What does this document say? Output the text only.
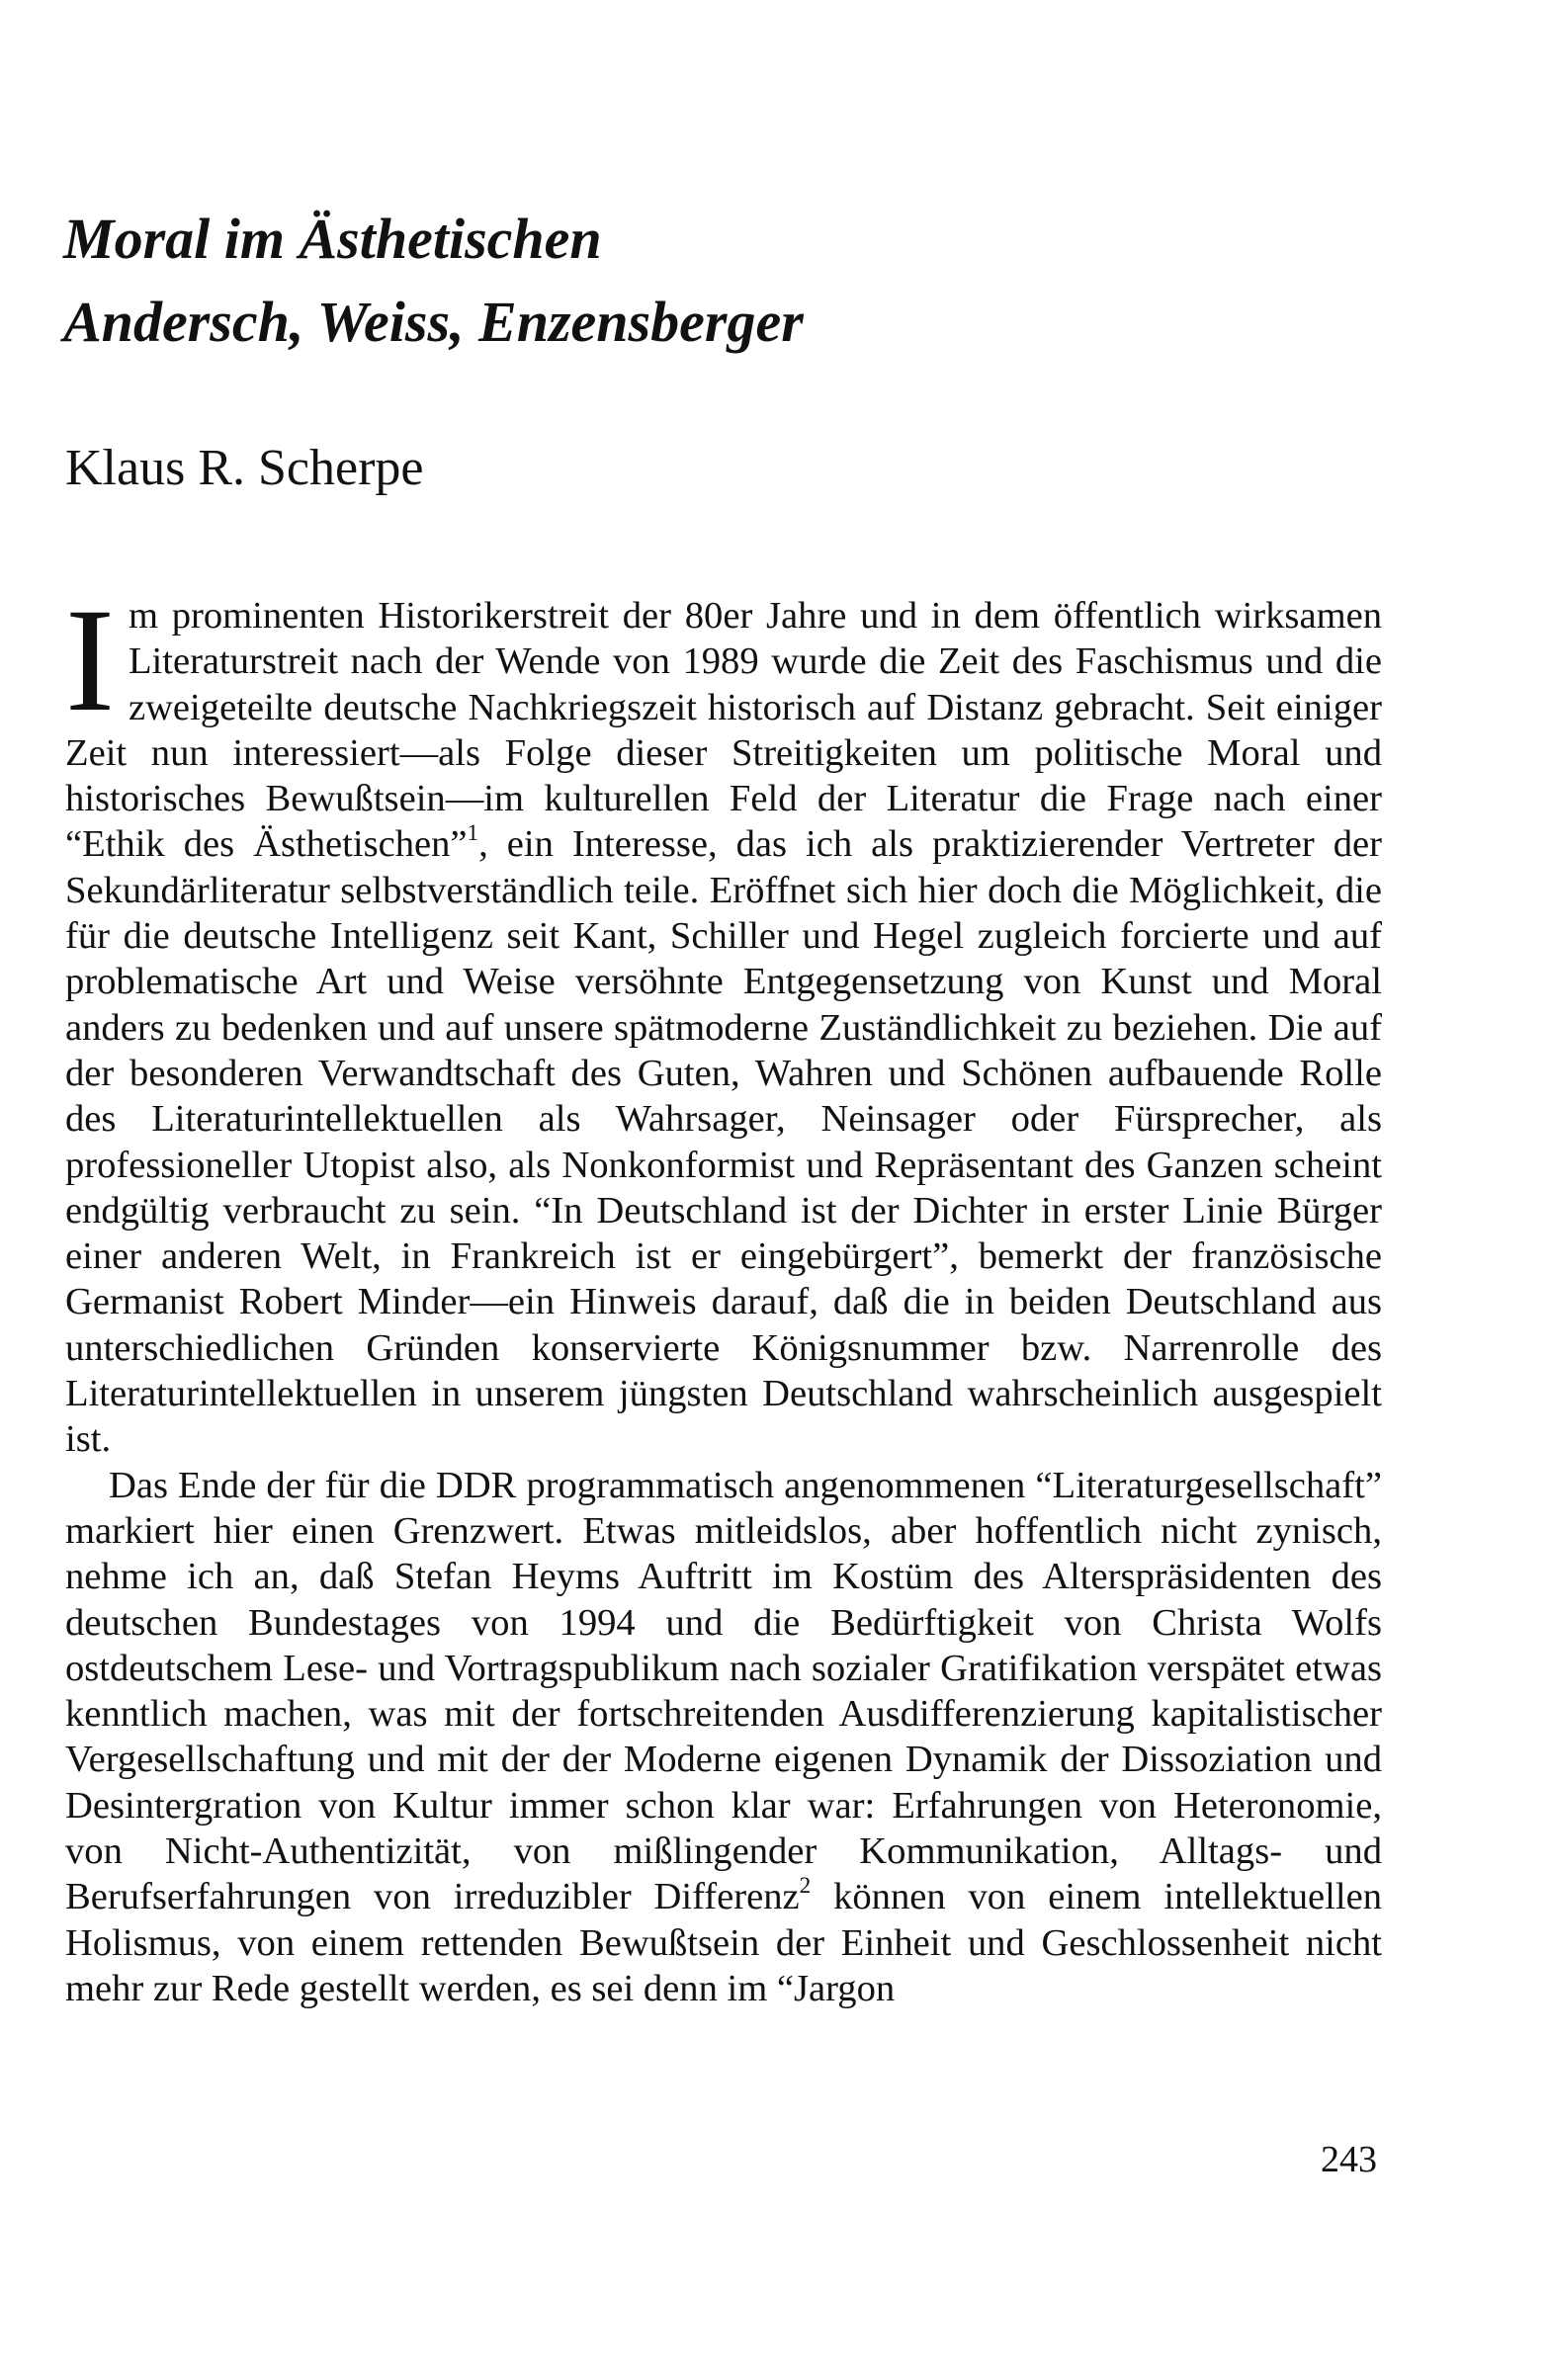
Moral im Ästhetischen
Andersch, Weiss, Enzensberger
Klaus R. Scherpe

Im prominenten Historikerstreit der 80er Jahre und in dem öffentlich wirksamen Literaturstreit nach der Wende von 1989 wurde die Zeit des Faschismus und die zweigeteilte deutsche Nachkriegszeit historisch auf Distanz gebracht. Seit einiger Zeit nun interessiert—als Folge dieser Streitigkeiten um politische Moral und historisches Bewußtsein—im kulturellen Feld der Literatur die Frage nach einer “Ethik des Ästhetischen”$^1$, ein Interesse, das ich als praktizierender Vertreter der Sekundärliteratur selbstverständlich teile. Eröffnet sich hier doch die Möglichkeit, die für die deutsche Intelligenz seit Kant, Schiller und Hegel zugleich forcierte und auf problematische Art und Weise versöhnte Entgegensetzung von Kunst und Moral anders zu bedenken und auf unsere spätmoderne Zuständlichkeit zu beziehen. Die auf der besonderen Verwandtschaft des Guten, Wahren und Schönen aufbauende Rolle des Literaturintellektuellen als Wahrsager, Neinsager oder Fürsprecher, als professioneller Utopist also, als Nonkonformist und Repräsentant des Ganzen scheint endgültig verbraucht zu sein. “In Deutschland ist der Dichter in erster Linie Bürger einer anderen Welt, in Frankreich ist er eingebürgert”, bemerkt der französische Germanist Robert Minder—ein Hinweis darauf, daß die in beiden Deutschland aus unterschiedlichen Gründen konservierte Königsnummer bzw. Narrenrolle des Literaturintellektuellen in unserem jüngsten Deutschland wahrscheinlich ausgespielt ist.

Das Ende der für die DDR programmatisch angenommenen “Literaturgesellschaft” markiert hier einen Grenzwert. Etwas mitleidslos, aber hoffentlich nicht zynisch, nehme ich an, daß Stefan Heyms Auftritt im Kostüm des Alterspräsidenten des deutschen Bundestages von 1994 und die Bedürftigkeit von Christa Wolfs ostdeutschem Lese- und Vortragspublikum nach sozialer Gratifikation verspätet etwas kenntlich machen, was mit der fortschreitenden Ausdifferenzierung kapitalistischer Vergesellschaftung und mit der der Moderne eigenen Dynamik der Dissoziation und Desintergration von Kultur immer schon klar war: Erfahrungen von Heteronomie, von Nicht-Authentizität, von mißlingender Kommunikation, Alltags- und Berufserfahrungen von irreduzibler Differenz$^2$ können von einem intellektuellen Holismus, von einem rettenden Bewußtsein der Einheit und Geschlossenheit nicht mehr zur Rede gestellt werden, es sei denn im “Jargon

243
